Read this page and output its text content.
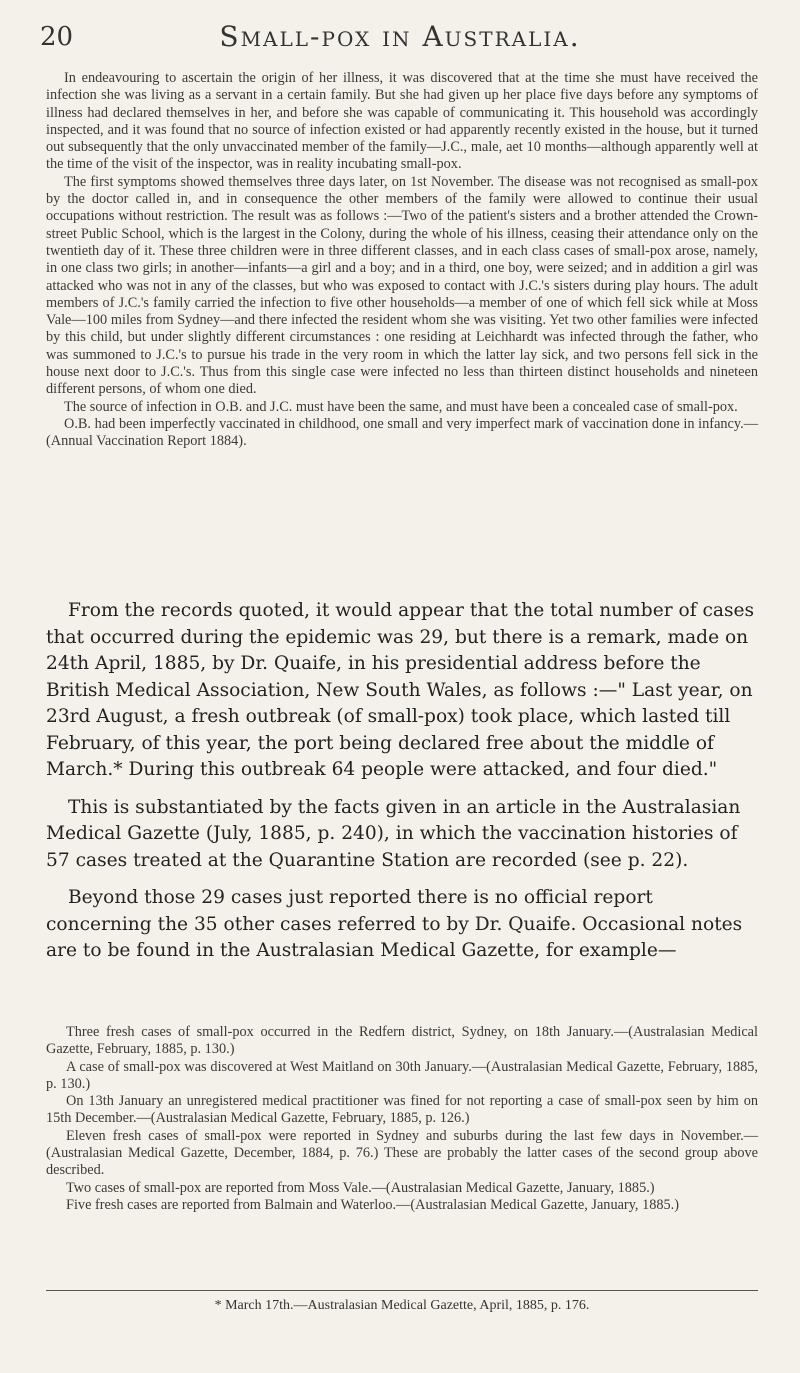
20	Small-pox in Australia.

In endeavouring to ascertain the origin of her illness, it was discovered that at the time she must have received the infection she was living as a servant in a certain family. But she had given up her place five days before any symptoms of illness had declared themselves in her, and before she was capable of communicating it. This household was accordingly inspected, and it was found that no source of infection existed or had apparently recently existed in the house, but it turned out subsequently that the only unvaccinated member of the family—J.C., male, aet 10 months—although apparently well at the time of the visit of the inspector, was in reality incubating small-pox.

The first symptoms showed themselves three days later, on 1st November. The disease was not recognised as small-pox by the doctor called in, and in consequence the other members of the family were allowed to continue their usual occupations without restriction. The result was as follows :—Two of the patient's sisters and a brother attended the Crown-street Public School, which is the largest in the Colony, during the whole of his illness, ceasing their attendance only on the twentieth day of it. These three children were in three different classes, and in each class cases of small-pox arose, namely, in one class two girls; in another—infants—a girl and a boy; and in a third, one boy, were seized; and in addition a girl was attacked who was not in any of the classes, but who was exposed to contact with J.C.'s sisters during play hours. The adult members of J.C.'s family carried the infection to five other households—a member of one of which fell sick while at Moss Vale—100 miles from Sydney—and there infected the resident whom she was visiting. Yet two other families were infected by this child, but under slightly different circumstances : one residing at Leichhardt was infected through the father, who was summoned to J.C.'s to pursue his trade in the very room in which the latter lay sick, and two persons fell sick in the house next door to J.C.'s. Thus from this single case were infected no less than thirteen distinct households and nineteen different persons, of whom one died.

The source of infection in O.B. and J.C. must have been the same, and must have been a concealed case of small-pox.

O.B. had been imperfectly vaccinated in childhood, one small and very imperfect mark of vaccination done in infancy.—(Annual Vaccination Report 1884).

From the records quoted, it would appear that the total number of cases that occurred during the epidemic was 29, but there is a remark, made on 24th April, 1885, by Dr. Quaife, in his presidential address before the British Medical Association, New South Wales, as follows :—" Last year, on 23rd August, a fresh outbreak (of small-pox) took place, which lasted till February, of this year, the port being declared free about the middle of March.* During this outbreak 64 people were attacked, and four died."

This is substantiated by the facts given in an article in the Australasian Medical Gazette (July, 1885, p. 240), in which the vaccination histories of 57 cases treated at the Quarantine Station are recorded (see p. 22).

Beyond those 29 cases just reported there is no official report concerning the 35 other cases referred to by Dr. Quaife. Occasional notes are to be found in the Australasian Medical Gazette, for example—

Three fresh cases of small-pox occurred in the Redfern district, Sydney, on 18th January.—(Australasian Medical Gazette, February, 1885, p. 130.)

A case of small-pox was discovered at West Maitland on 30th January.—(Australasian Medical Gazette, February, 1885, p. 130.)

On 13th January an unregistered medical practitioner was fined for not reporting a case of small-pox seen by him on 15th December.—(Australasian Medical Gazette, February, 1885, p. 126.)

Eleven fresh cases of small-pox were reported in Sydney and suburbs during the last few days in November.—(Australasian Medical Gazette, December, 1884, p. 76.) These are probably the latter cases of the second group above described.

Two cases of small-pox are reported from Moss Vale.—(Australasian Medical Gazette, January, 1885.)

Five fresh cases are reported from Balmain and Waterloo.—(Australasian Medical Gazette, January, 1885.)

* March 17th.—Australasian Medical Gazette, April, 1885, p. 176.
